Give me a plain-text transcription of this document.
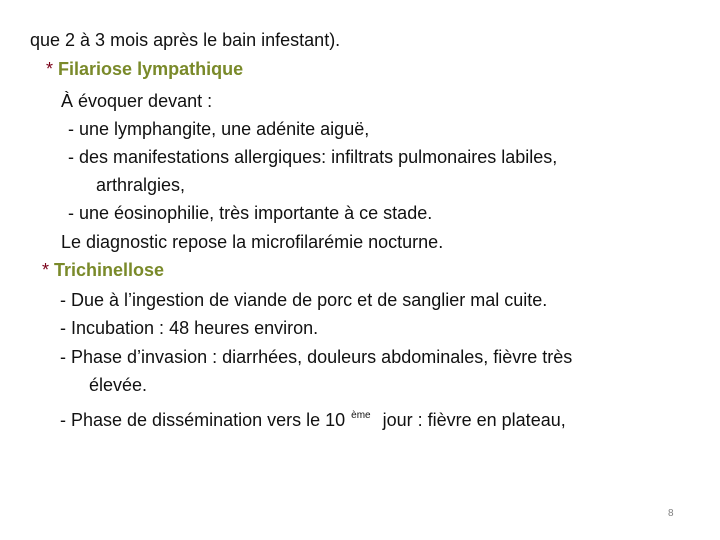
que 2 à 3 mois après le bain infestant).
* Filariose lympathique
À évoquer devant :
- une lymphangite, une adénite aiguë,
- des manifestations allergiques: infiltrats pulmonaires labiles,
arthralgies,
- une éosinophilie, très importante à ce stade.
Le diagnostic repose la microfilarémie nocturne.
* Trichinellose
- Due à l’ingestion de viande de porc et de sanglier mal cuite.
- Incubation : 48 heures environ.
- Phase d’invasion : diarrhées, douleurs abdominales, fièvre très
élevée.
- Phase de dissémination vers le 10 $^{ème}$ jour : fièvre en plateau,
8
